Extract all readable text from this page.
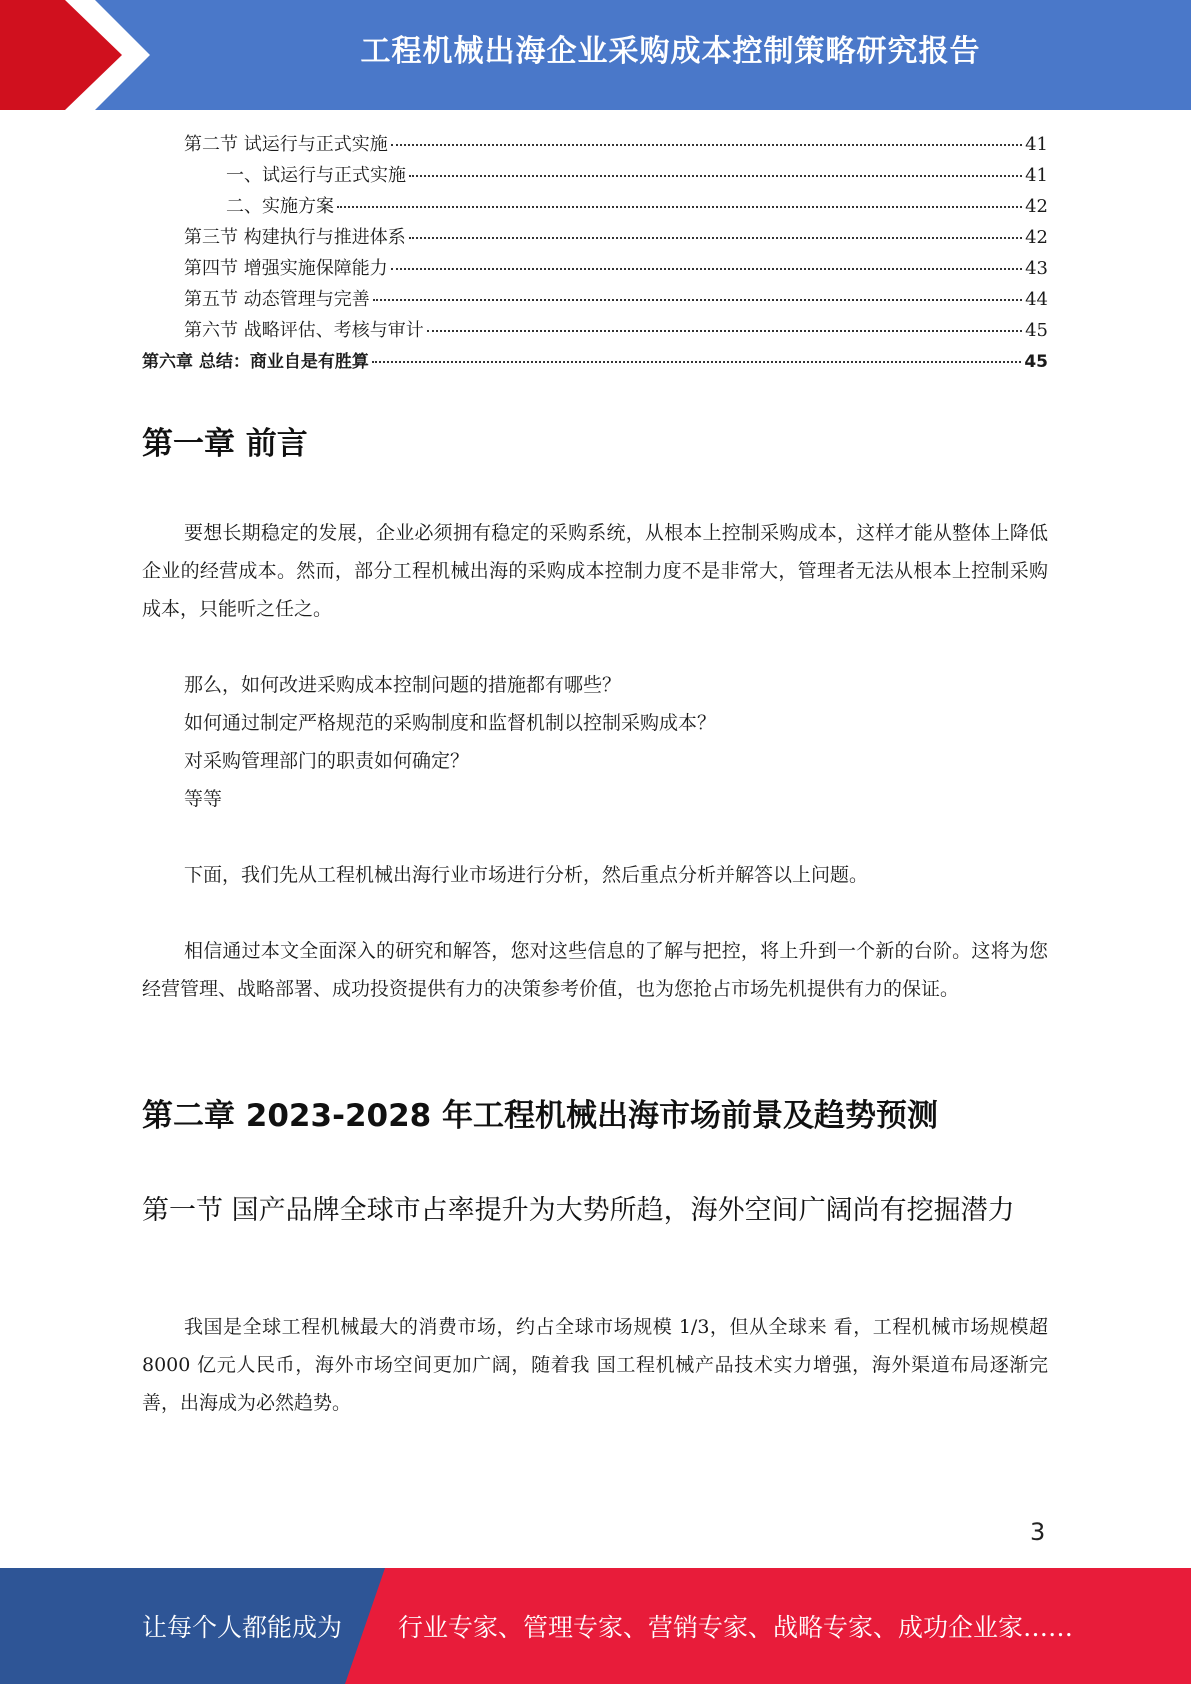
工程机械出海企业采购成本控制策略研究报告
第二节 试运行与正式实施	41
一、试运行与正式实施	41
二、实施方案	42
第三节 构建执行与推进体系	42
第四节 增强实施保障能力	43
第五节 动态管理与完善	44
第六节 战略评估、考核与审计	45
第六章 总结：商业自是有胜算	45
第一章 前言

要想长期稳定的发展，企业必须拥有稳定的采购系统，从根本上控制采购成本，这样才能从整体上降低企业的经营成本。然而，部分工程机械出海的采购成本控制力度不是非常大，管理者无法从根本上控制采购成本，只能听之任之。

那么，如何改进采购成本控制问题的措施都有哪些？
如何通过制定严格规范的采购制度和监督机制以控制采购成本？
对采购管理部门的职责如何确定？
等等

下面，我们先从工程机械出海行业市场进行分析，然后重点分析并解答以上问题。

相信通过本文全面深入的研究和解答，您对这些信息的了解与把控，将上升到一个新的台阶。这将为您经营管理、战略部署、成功投资提供有力的决策参考价值，也为您抢占市场先机提供有力的保证。

第二章 2023-2028 年工程机械出海市场前景及趋势预测
第一节 国产品牌全球市占率提升为大势所趋，海外空间广阔尚有挖掘潜力

我国是全球工程机械最大的消费市场，约占全球市场规模 1/3，但从全球来 看，工程机械市场规模超 8000 亿元人民币，海外市场空间更加广阔，随着我 国工程机械产品技术实力增强，海外渠道布局逐渐完善，出海成为必然趋势。

3
让每个人都能成为 行业专家、管理专家、营销专家、战略专家、成功企业家……
